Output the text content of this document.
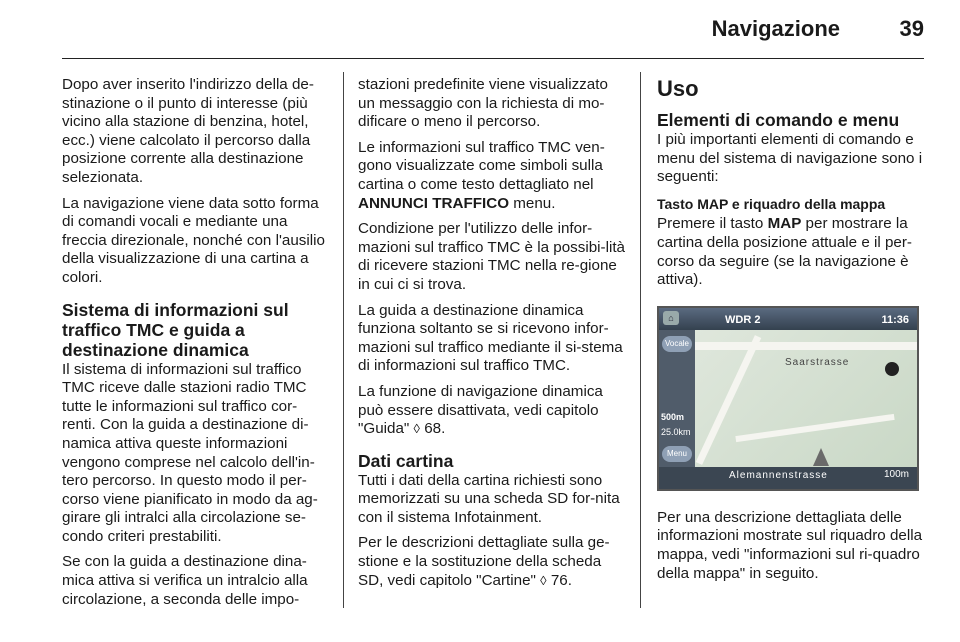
Navigazione	39

Dopo aver inserito l'indirizzo della de-stinazione o il punto di interesse (più vicino alla stazione di benzina, hotel, ecc.) viene calcolato il percorso dalla posizione corrente alla destinazione selezionata.

La navigazione viene data sotto forma di comandi vocali e mediante una freccia direzionale, nonché con l'ausilio della visualizzazione di una cartina a colori.

Sistema di informazioni sul traffico TMC e guida a destinazione dinamica

Il sistema di informazioni sul traffico TMC riceve dalle stazioni radio TMC tutte le informazioni sul traffico cor-renti. Con la guida a destinazione di-namica attiva queste informazioni vengono comprese nel calcolo dell'in-tero percorso. In questo modo il per-corso viene pianificato in modo da ag-girare gli intralci alla circolazione se-condo criteri prestabiliti.

Se con la guida a destinazione dina-mica attiva si verifica un intralcio alla circolazione, a seconda delle impo-

stazioni predefinite viene visualizzato un messaggio con la richiesta di mo-dificare o meno il percorso.

Le informazioni sul traffico TMC ven-gono visualizzate come simboli sulla cartina o come testo dettagliato nel ANNUNCI TRAFFICO menu.

Condizione per l'utilizzo delle infor-mazioni sul traffico TMC è la possibi-lità di ricevere stazioni TMC nella re-gione in cui ci si trova.

La guida a destinazione dinamica funziona soltanto se si ricevono infor-mazioni sul traffico mediante il si-stema di informazioni sul traffico TMC.

La funzione di navigazione dinamica può essere disattivata, vedi capitolo "Guida" ◊ 68.

Dati cartina

Tutti i dati della cartina richiesti sono memorizzati su una scheda SD for-nita con il sistema Infotainment.

Per le descrizioni dettagliate sulla ge-stione e la sostituzione della scheda SD, vedi capitolo "Cartine" ◊ 76.

Uso
Elementi di comando e menu

I più importanti elementi di comando e menu del sistema di navigazione sono i seguenti:

Tasto MAP e riquadro della mappa

Premere il tasto MAP per mostrare la cartina della posizione attuale e il per-corso da seguire (se la navigazione è attiva).

⌂	WDR 2	11:36
Saarstrasse
Vocale
500m
25.0km
Menu
Alemannenstrasse	100m

Per una descrizione dettagliata delle informazioni mostrate sul riquadro della mappa, vedi "informazioni sul ri-quadro della mappa" in seguito.
